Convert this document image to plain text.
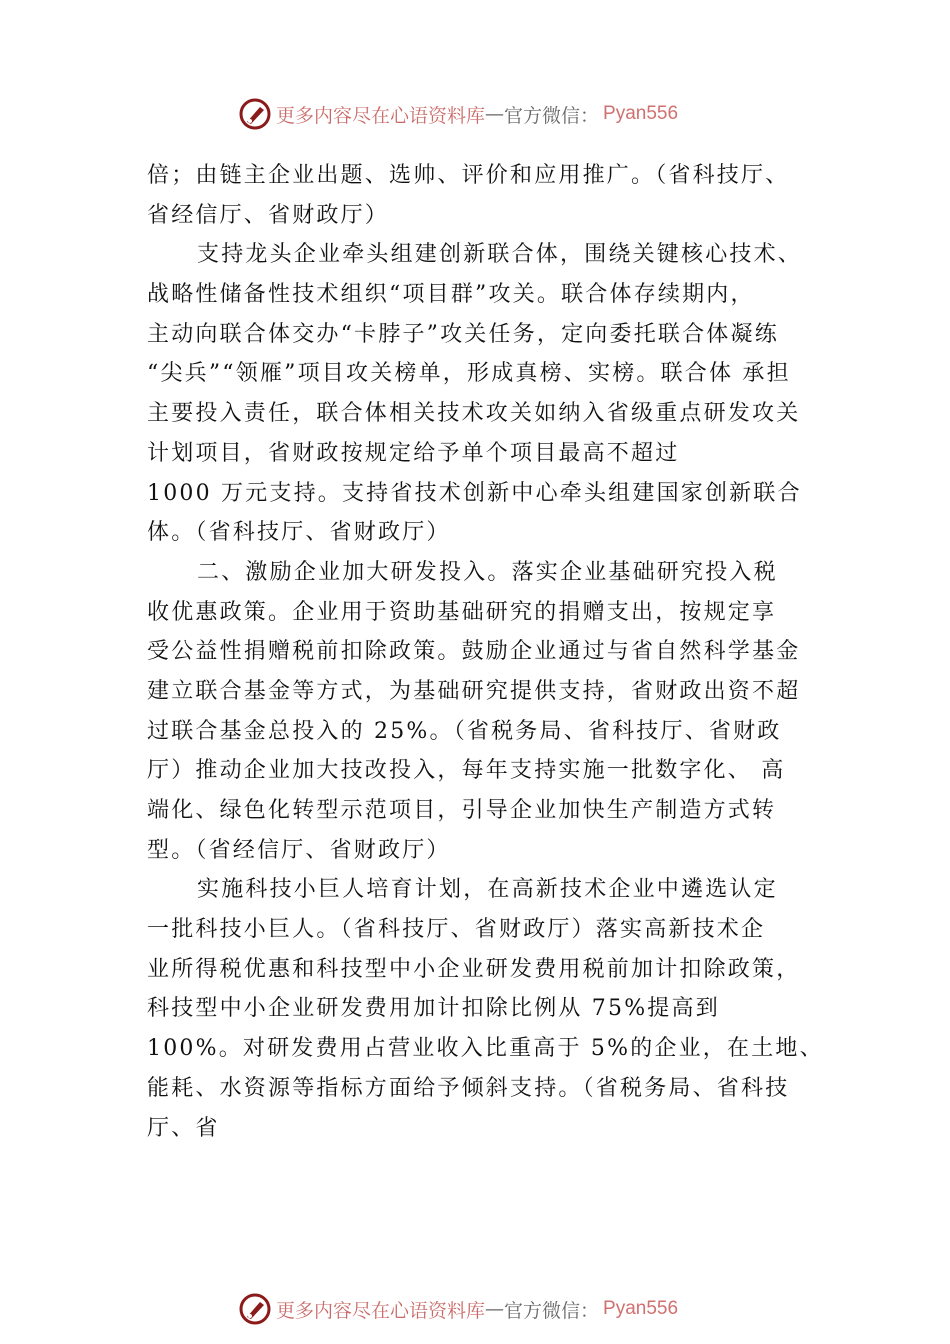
更多内容尽在心语资料库 — 官方微信： Pyan556
倍；由链主企业出题、选帅、评价和应用推广。（省科技厅、
省经信厅、省财政厅）
支持龙头企业牵头组建创新联合体，围绕关键核心技术、
战略性储备性技术组织“项目群”攻关。联合体存续期内，
主动向联合体交办“卡脖子”攻关任务，定向委托联合体凝练
“尖兵”“领雁”项目攻关榜单，形成真榜、实榜。联合体 承担
主要投入责任，联合体相关技术攻关如纳入省级重点研发攻关
计划项目，省财政按规定给予单个项目最高不超过
1000 万元支持。支持省技术创新中心牵头组建国家创新联合
体。（省科技厅、省财政厅）
二、激励企业加大研发投入。落实企业基础研究投入税
收优惠政策。企业用于资助基础研究的捐赠支出，按规定享
受公益性捐赠税前扣除政策。鼓励企业通过与省自然科学基金
建立联合基金等方式，为基础研究提供支持，省财政出资不超
过联合基金总投入的 25%。（省税务局、省科技厅、省财政
厅）推动企业加大技改投入，每年支持实施一批数字化、 高
端化、绿色化转型示范项目，引导企业加快生产制造方式转
型。（省经信厅、省财政厅）
实施科技小巨人培育计划，在高新技术企业中遴选认定
一批科技小巨人。（省科技厅、省财政厅）落实高新技术企
业所得税优惠和科技型中小企业研发费用税前加计扣除政策，
科技型中小企业研发费用加计扣除比例从 75%提高到
100%。对研发费用占营业收入比重高于 5%的企业，在土地、
能耗、水资源等指标方面给予倾斜支持。（省税务局、省科技
厅、省
更多内容尽在心语资料库 — 官方微信： Pyan556
